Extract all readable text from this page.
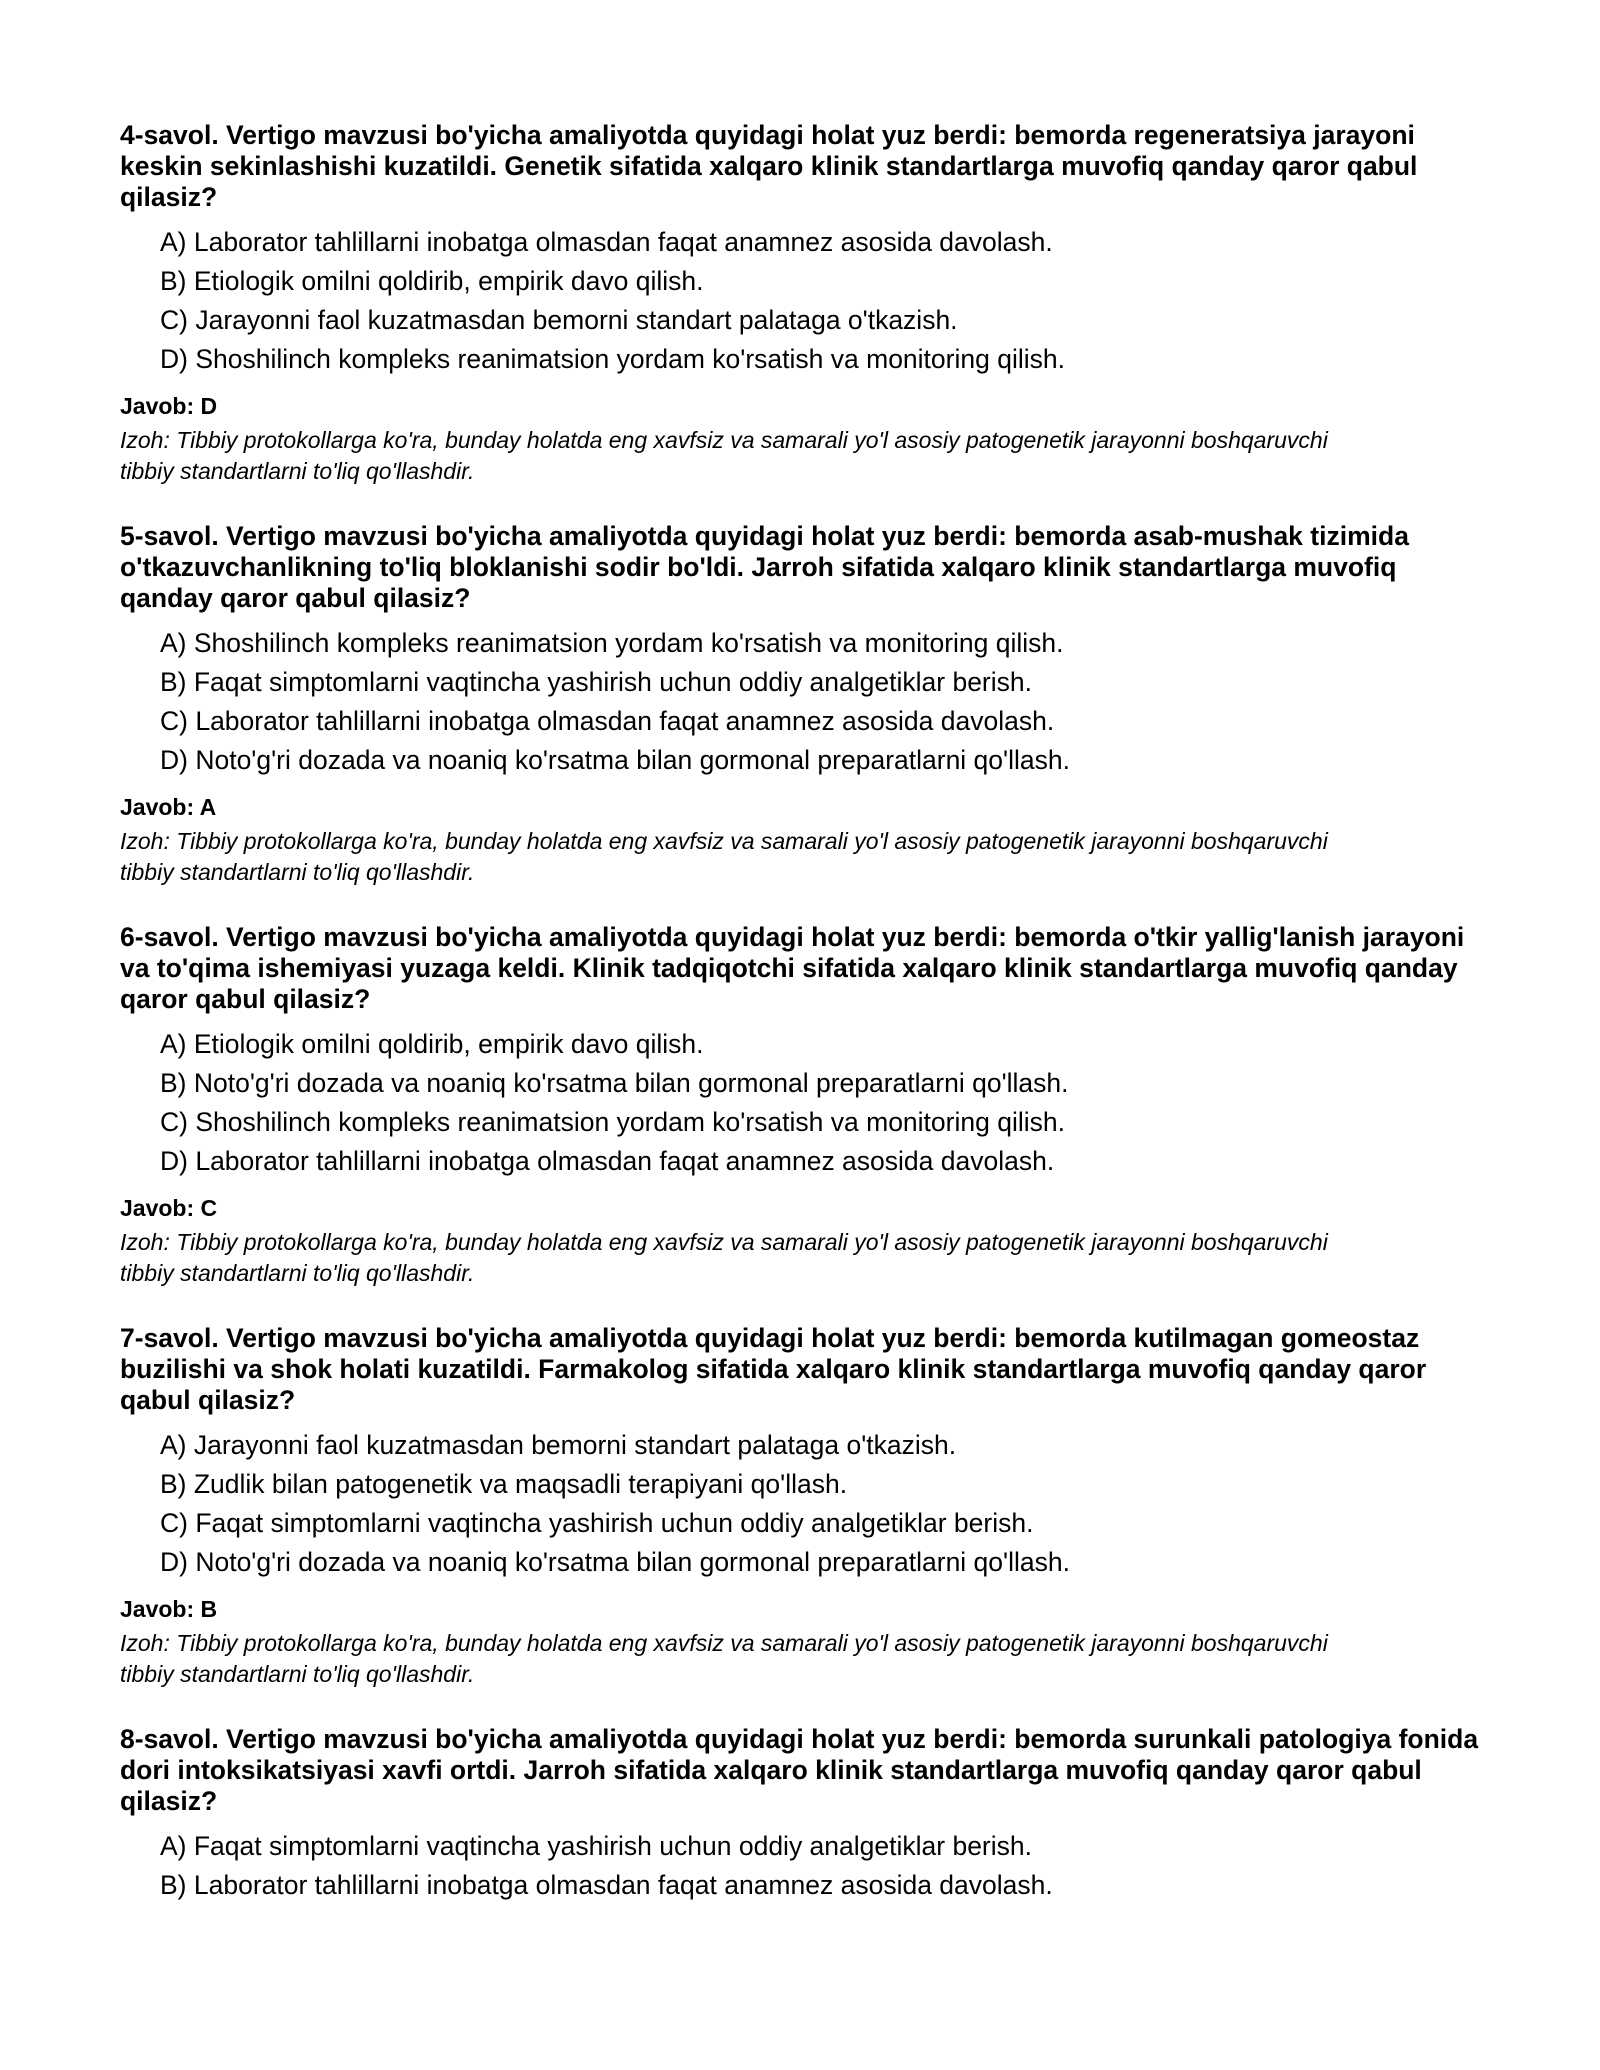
4-savol. Vertigo mavzusi bo'yicha amaliyotda quyidagi holat yuz berdi: bemorda regeneratsiya jarayoni keskin sekinlashishi kuzatildi. Genetik sifatida xalqaro klinik standartlarga muvofiq qanday qaror qabul qilasiz?

A) Laborator tahlillarni inobatga olmasdan faqat anamnez asosida davolash.
B) Etiologik omilni qoldirib, empirik davo qilish.
C) Jarayonni faol kuzatmasdan bemorni standart palataga o'tkazish.
D) Shoshilinch kompleks reanimatsion yordam ko'rsatish va monitoring qilish.

Javob: D

Izoh: Tibbiy protokollarga ko'ra, bunday holatda eng xavfsiz va samarali yo'l asosiy patogenetik jarayonni boshqaruvchi tibbiy standartlarni to'liq qo'llashdir.

5-savol. Vertigo mavzusi bo'yicha amaliyotda quyidagi holat yuz berdi: bemorda asab-mushak tizimida o'tkazuvchanlikning to'liq bloklanishi sodir bo'ldi. Jarroh sifatida xalqaro klinik standartlarga muvofiq qanday qaror qabul qilasiz?

A) Shoshilinch kompleks reanimatsion yordam ko'rsatish va monitoring qilish.
B) Faqat simptomlarni vaqtincha yashirish uchun oddiy analgetiklar berish.
C) Laborator tahlillarni inobatga olmasdan faqat anamnez asosida davolash.
D) Noto'g'ri dozada va noaniq ko'rsatma bilan gormonal preparatlarni qo'llash.

Javob: A

Izoh: Tibbiy protokollarga ko'ra, bunday holatda eng xavfsiz va samarali yo'l asosiy patogenetik jarayonni boshqaruvchi tibbiy standartlarni to'liq qo'llashdir.

6-savol. Vertigo mavzusi bo'yicha amaliyotda quyidagi holat yuz berdi: bemorda o'tkir yallig'lanish jarayoni va to'qima ishemiyasi yuzaga keldi. Klinik tadqiqotchi sifatida xalqaro klinik standartlarga muvofiq qanday qaror qabul qilasiz?

A) Etiologik omilni qoldirib, empirik davo qilish.
B) Noto'g'ri dozada va noaniq ko'rsatma bilan gormonal preparatlarni qo'llash.
C) Shoshilinch kompleks reanimatsion yordam ko'rsatish va monitoring qilish.
D) Laborator tahlillarni inobatga olmasdan faqat anamnez asosida davolash.

Javob: C

Izoh: Tibbiy protokollarga ko'ra, bunday holatda eng xavfsiz va samarali yo'l asosiy patogenetik jarayonni boshqaruvchi tibbiy standartlarni to'liq qo'llashdir.

7-savol. Vertigo mavzusi bo'yicha amaliyotda quyidagi holat yuz berdi: bemorda kutilmagan gomeostaz buzilishi va shok holati kuzatildi. Farmakolog sifatida xalqaro klinik standartlarga muvofiq qanday qaror qabul qilasiz?

A) Jarayonni faol kuzatmasdan bemorni standart palataga o'tkazish.
B) Zudlik bilan patogenetik va maqsadli terapiyani qo'llash.
C) Faqat simptomlarni vaqtincha yashirish uchun oddiy analgetiklar berish.
D) Noto'g'ri dozada va noaniq ko'rsatma bilan gormonal preparatlarni qo'llash.

Javob: B

Izoh: Tibbiy protokollarga ko'ra, bunday holatda eng xavfsiz va samarali yo'l asosiy patogenetik jarayonni boshqaruvchi tibbiy standartlarni to'liq qo'llashdir.

8-savol. Vertigo mavzusi bo'yicha amaliyotda quyidagi holat yuz berdi: bemorda surunkali patologiya fonida dori intoksikatsiyasi xavfi ortdi. Jarroh sifatida xalqaro klinik standartlarga muvofiq qanday qaror qabul qilasiz?

A) Faqat simptomlarni vaqtincha yashirish uchun oddiy analgetiklar berish.
B) Laborator tahlillarni inobatga olmasdan faqat anamnez asosida davolash.
